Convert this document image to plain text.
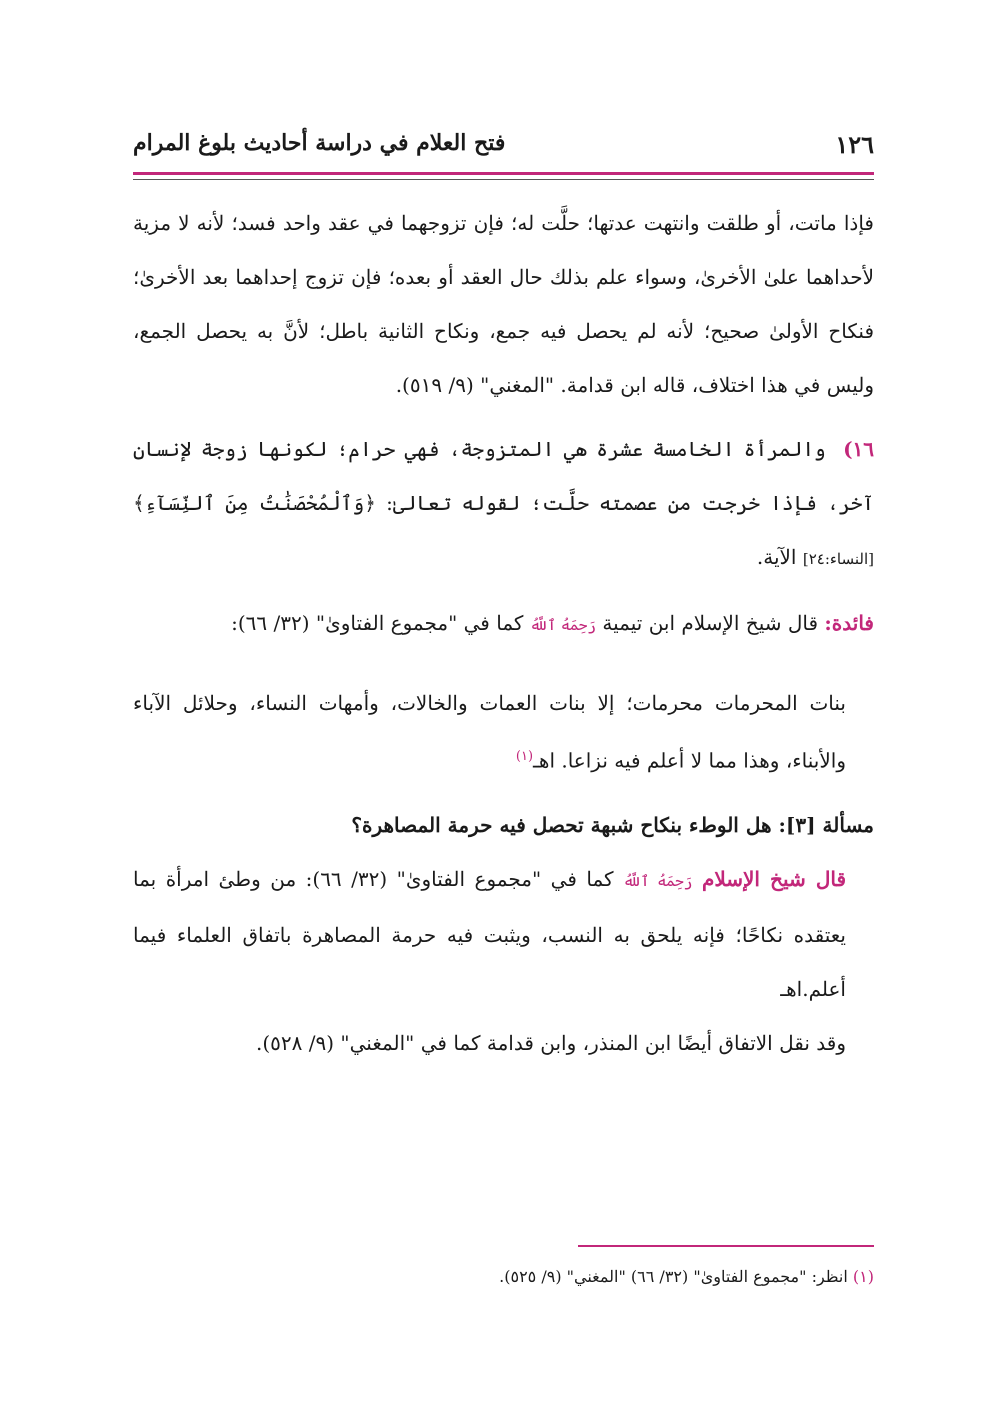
١٢٦
فتح العلام في دراسة أحاديث بلوغ المرام

فإذا ماتت، أو طلقت وانتهت عدتها؛ حلَّت له؛ فإن تزوجهما في عقد واحد فسد؛ لأنه لا مزية لأحداهما علىٰ الأخرىٰ، وسواء علم بذلك حال العقد أو بعده؛ فإن تزوج إحداهما بعد الأخرىٰ؛ فنكاح الأولىٰ صحيح؛ لأنه لم يحصل فيه جمع، ونكاح الثانية باطل؛ لأنَّ به يحصل الجمع، وليس في هذا اختلاف، قاله ابن قدامة. "المغني" (٩/ ٥١٩).

١٦) والمرأة الخامسة عشرة هي المتزوجة، فهي حرام؛ لكونها زوجة لإنسان آخر، فإذا خرجت من عصمته حلَّت؛ لقوله تعالىٰ: ﴿وَٱلْمُحْصَنَٰتُ مِنَ ٱلنِّسَآءِ﴾ [النساء:٢٤] الآية.

فائدة: قال شيخ الإسلام ابن تيمية رَحِمَهُ ٱللَّهُ كما في "مجموع الفتاوىٰ" (٣٢/ ٦٦):

بنات المحرمات محرمات؛ إلا بنات العمات والخالات، وأمهات النساء، وحلائل الآباء والأبناء، وهذا مما لا أعلم فيه نزاعا. اهـ$^{(١)}$

مسألة [٣]: هل الوطء بنكاح شبهة تحصل فيه حرمة المصاهرة؟

قال شيخ الإسلام رَحِمَهُ ٱللَّهُ كما في "مجموع الفتاوىٰ" (٣٢/ ٦٦): من وطئ امرأة بما يعتقده نكاحًا؛ فإنه يلحق به النسب، ويثبت فيه حرمة المصاهرة باتفاق العلماء فيما أعلم.اهـ

وقد نقل الاتفاق أيضًا ابن المنذر، وابن قدامة كما في "المغني" (٩/ ٥٢٨).

(١) انظر: "مجموع الفتاوىٰ" (٣٢/ ٦٦) "المغني" (٩/ ٥٢٥).
